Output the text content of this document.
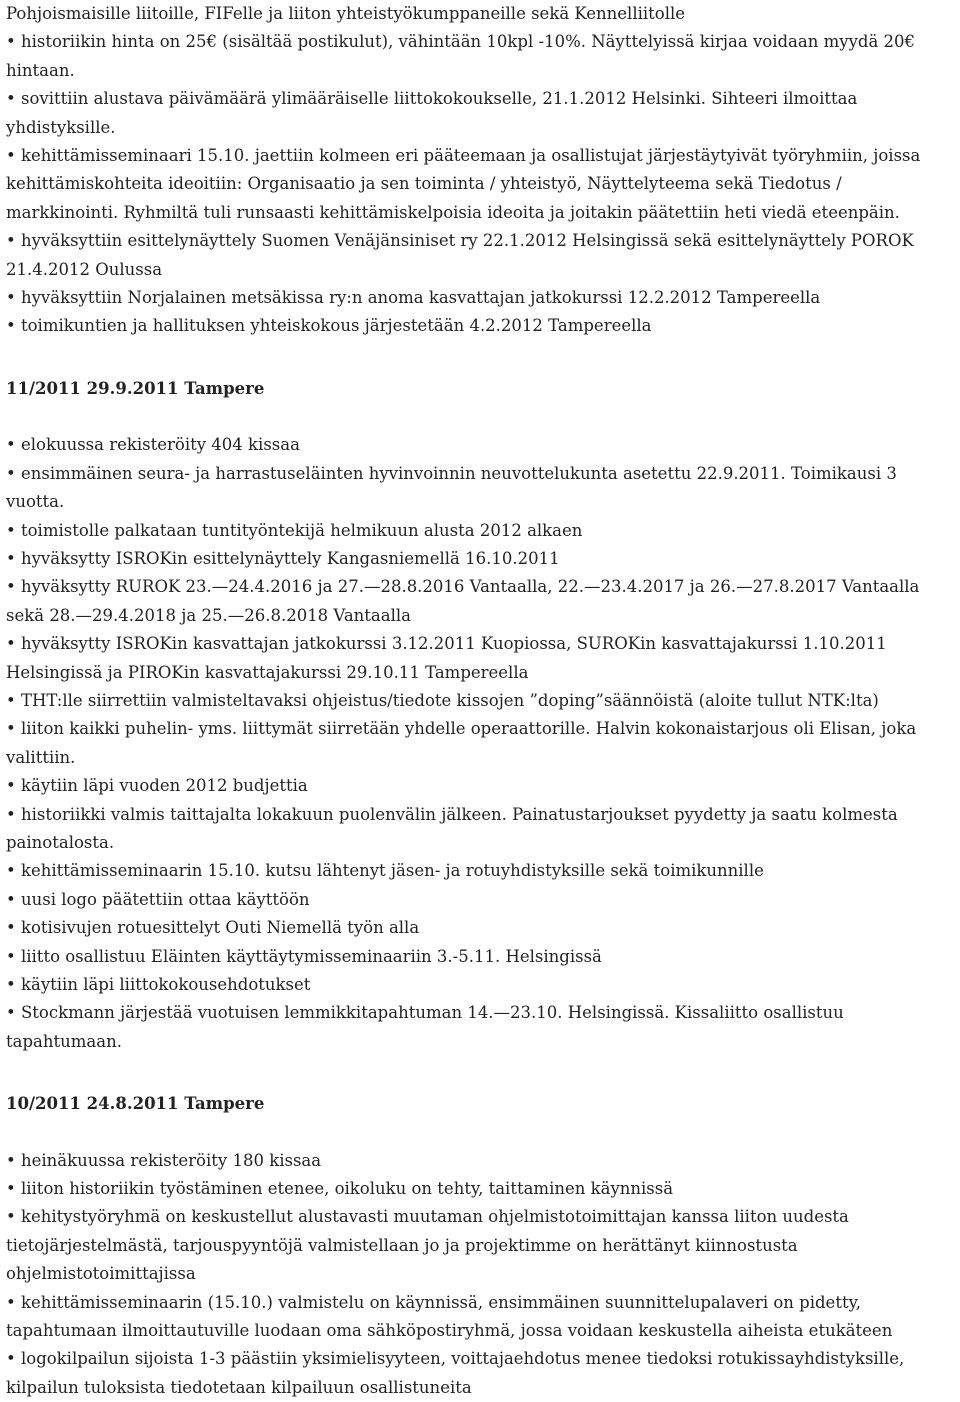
Pohjoismaisille liitoille, FIFelle ja liiton yhteistyökumppaneille sekä Kennelliitolle

• historiikin hinta on 25€ (sisältää postikulut), vähintään 10kpl -10%. Näyttelyissä kirjaa voidaan myydä 20€

hintaan.

• sovittiin alustava päivämäärä ylimääräiselle liittokokoukselle, 21.1.2012 Helsinki. Sihteeri ilmoittaa

yhdistyksille.

• kehittämisseminaari 15.10. jaettiin kolmeen eri pääteemaan ja osallistujat järjestäytyivät työryhmiin, joissa

kehittämiskohteita ideoitiin: Organisaatio ja sen toiminta / yhteistyö, Näyttelyteema sekä Tiedotus /

markkinointi. Ryhmiltä tuli runsaasti kehittämiskelpoisia ideoita ja joitakin päätettiin heti viedä eteenpäin.

• hyväksyttiin esittelynäyttely Suomen Venäjänsiniset ry 22.1.2012 Helsingissä sekä esittelynäyttely POROK

21.4.2012 Oulussa

• hyväksyttiin Norjalainen metsäkissa ry:n anoma kasvattajan jatkokurssi 12.2.2012 Tampereella

• toimikuntien ja hallituksen yhteiskokous järjestetään 4.2.2012 Tampereella

11/2011 29.9.2011 Tampere

• elokuussa rekisteröity 404 kissaa

• ensimmäinen seura- ja harrastuseläinten hyvinvoinnin neuvottelukunta asetettu 22.9.2011. Toimikausi 3

vuotta.

• toimistolle palkataan tuntityöntekijä helmikuun alusta 2012 alkaen

• hyväksytty ISROKin esittelynäyttely Kangasniemellä 16.10.2011

• hyväksytty RUROK 23.—24.4.2016 ja 27.—28.8.2016 Vantaalla, 22.—23.4.2017 ja 26.—27.8.2017 Vantaalla

sekä 28.—29.4.2018 ja 25.—26.8.2018 Vantaalla

• hyväksytty ISROKin kasvattajan jatkokurssi 3.12.2011 Kuopiossa, SUROKin kasvattajakurssi 1.10.2011

Helsingissä ja PIROKin kasvattajakurssi 29.10.11 Tampereella

• THT:lle siirrettiin valmisteltavaksi ohjeistus/tiedote kissojen ”doping”säännöistä (aloite tullut NTK:lta)

• liiton kaikki puhelin- yms. liittymät siirretään yhdelle operaattorille. Halvin kokonaistarjous oli Elisan, joka

valittiin.

• käytiin läpi vuoden 2012 budjettia

• historiikki valmis taittajalta lokakuun puolenvälin jälkeen. Painatustarjoukset pyydetty ja saatu kolmesta

painotalosta.

• kehittämisseminaarin 15.10. kutsu lähtenyt jäsen- ja rotuyhdistyksille sekä toimikunnille

• uusi logo päätettiin ottaa käyttöön

• kotisivujen rotuesittelyt Outi Niemellä työn alla

• liitto osallistuu Eläinten käyttäytymisseminaariin 3.-5.11. Helsingissä

• käytiin läpi liittokokousehdotukset

• Stockmann järjestää vuotuisen lemmikkitapahtuman 14.—23.10. Helsingissä. Kissaliitto osallistuu

tapahtumaan.

10/2011 24.8.2011 Tampere

• heinäkuussa rekisteröity 180 kissaa

• liiton historiikin työstäminen etenee, oikoluku on tehty, taittaminen käynnissä

• kehitystyöryhmä on keskustellut alustavasti muutaman ohjelmistotoimittajan kanssa liiton uudesta

tietojärjestelmästä, tarjouspyyntöjä valmistellaan jo ja projektimme on herättänyt kiinnostusta

ohjelmistotoimittajissa

• kehittämisseminaarin (15.10.) valmistelu on käynnissä, ensimmäinen suunnittelupalaveri on pidetty,

tapahtumaan ilmoittautuville luodaan oma sähköpostiryhmä, jossa voidaan keskustella aiheista etukäteen

• logokilpailun sijoista 1-3 päästiin yksimielisyyteen, voittajaehdotus menee tiedoksi rotukissayhdistyksille,

kilpailun tuloksista tiedotetaan kilpailuun osallistuneita
